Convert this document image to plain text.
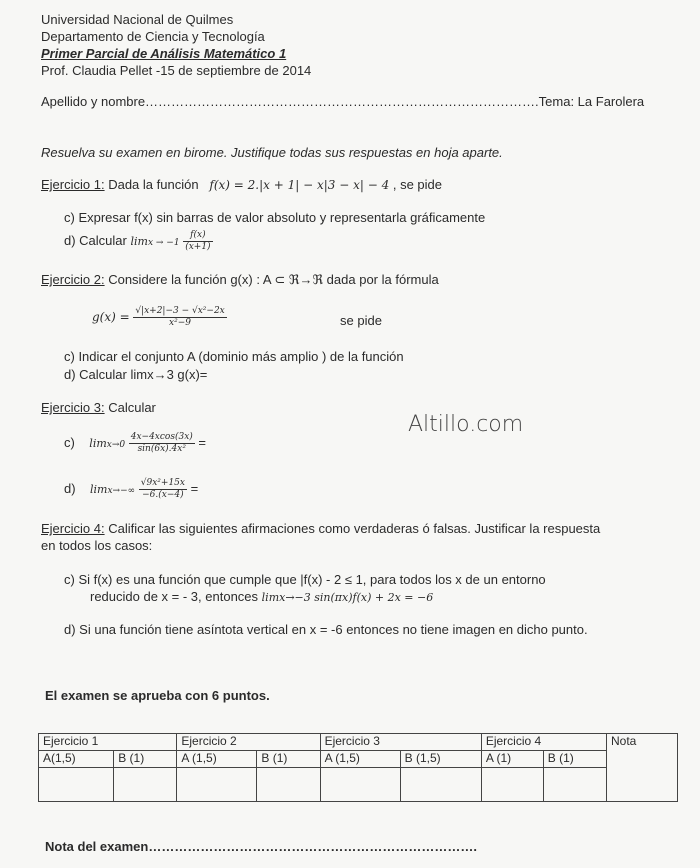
Universidad Nacional de Quilmes
Departamento de Ciencia y Tecnología
Primer Parcial de Análisis Matemático 1
Prof. Claudia Pellet -15 de septiembre de 2014
Apellido y nombre……………………………………………………………………………….Tema: La Farolera
Resuelva su examen en birome. Justifique todas sus respuestas en hoja aparte.
Ejercicio 1: Dada la función f(x) = 2.|x + 1| − x|3 − x| − 4 , se pide
c) Expresar f(x) sin barras de valor absoluto y representarla gráficamente
d) Calcular $\lim x \to -1 \frac{f(x)}{(x+1)}$
Ejercicio 2: Considere la función g(x) : A ⊂ ℜ→ℜ dada por la fórmula
$g(x) = \frac{\text{√|x+2|−3 − √x²−2x}}{\text{x²−9}}$	se pide
c) Indicar el conjunto A (dominio más amplio ) de la función
d) Calcular limx→3 g(x)=
Ejercicio 3: Calcular
c) $\lim x\to 0 \frac{4x-4xcos(3x)}{\text{sin(6x).4x²}}$ =
d) $\lim x\to-\infty \frac{\text{√9x²+15x}}{-6.(x-4)}$ =
Altillo.com
Ejercicio 4: Calificar las siguientes afirmaciones como verdaderas ó falsas. Justificar la respuesta
en todos los casos:
c) Si f(x) es una función que cumple que |f(x) - 2 ≤ 1, para todos los x de un entorno
reducido de x = - 3, entonces limx→−3 sin(πx)f(x) + 2x = −6
d) Si una función tiene asíntota vertical en x = -6 entonces no tiene imagen en dicho punto.
El examen se aprueba con 6 puntos.
Ejercicio 1		Ejercicio 2		Ejercicio 3		Ejercicio 4		Nota
A(1,5)	B (1)	A (1,5)	B (1)	A (1,5)	B (1,5)	A (1)	B (1)	

Nota del examen………………………………………………………………….
